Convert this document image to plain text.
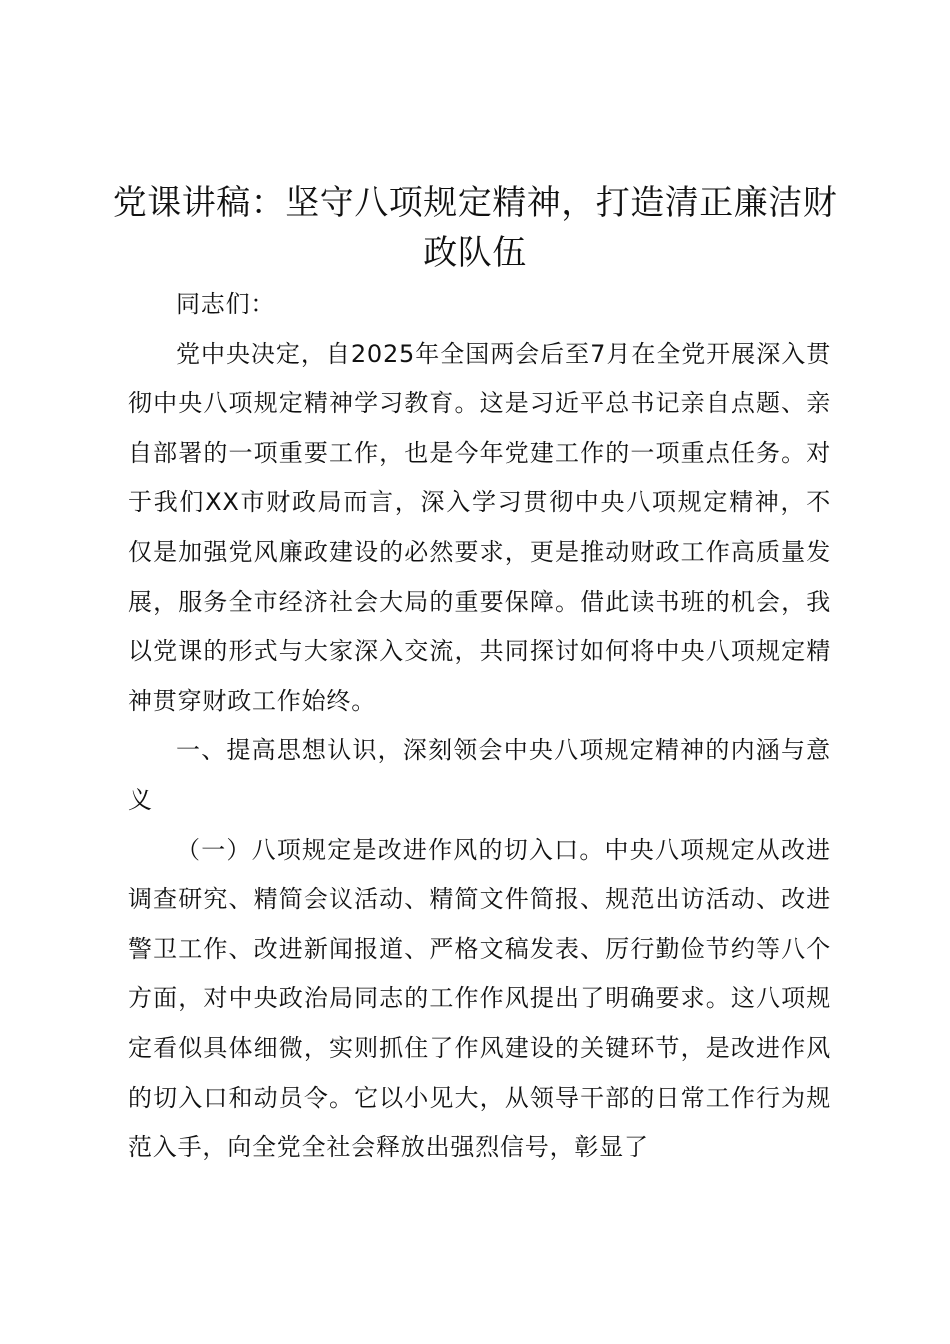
党课讲稿：坚守八项规定精神，打造清正廉洁财政队伍

同志们：

党中央决定，自2025年全国两会后至7月在全党开展深入贯彻中央八项规定精神学习教育。这是习近平总书记亲自点题、亲自部署的一项重要工作，也是今年党建工作的一项重点任务。对于我们XX市财政局而言，深入学习贯彻中央八项规定精神，不仅是加强党风廉政建设的必然要求，更是推动财政工作高质量发展，服务全市经济社会大局的重要保障。借此读书班的机会，我以党课的形式与大家深入交流，共同探讨如何将中央八项规定精神贯穿财政工作始终。

一、提高思想认识，深刻领会中央八项规定精神的内涵与意义

（一）八项规定是改进作风的切入口。中央八项规定从改进调查研究、精简会议活动、精简文件简报、规范出访活动、改进警卫工作、改进新闻报道、严格文稿发表、厉行勤俭节约等八个方面，对中央政治局同志的工作作风提出了明确要求。这八项规定看似具体细微，实则抓住了作风建设的关键环节，是改进作风的切入口和动员令。它以小见大，从领导干部的日常工作行为规范入手，向全党全社会释放出强烈信号，彰显了
